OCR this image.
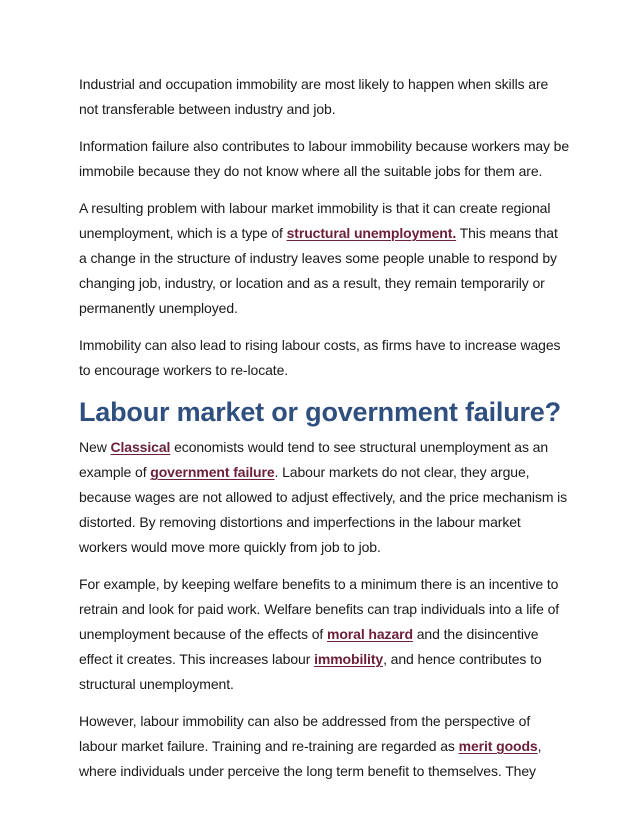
Industrial and occupation immobility are most likely to happen when skills are not transferable between industry and job.

Information failure also contributes to labour immobility because workers may be immobile because they do not know where all the suitable jobs for them are.

A resulting problem with labour market immobility is that it can create regional unemployment, which is a type of structural unemployment. This means that a change in the structure of industry leaves some people unable to respond by changing job, industry, or location and as a result, they remain temporarily or permanently unemployed.

Immobility can also lead to rising labour costs, as firms have to increase wages to encourage workers to re-locate.

Labour market or government failure?

New Classical economists would tend to see structural unemployment as an example of government failure. Labour markets do not clear, they argue, because wages are not allowed to adjust effectively, and the price mechanism is distorted. By removing distortions and imperfections in the labour market workers would move more quickly from job to job.

For example, by keeping welfare benefits to a minimum there is an incentive to retrain and look for paid work. Welfare benefits can trap individuals into a life of unemployment because of the effects of moral hazard and the disincentive effect it creates. This increases labour immobility, and hence contributes to structural unemployment.

However, labour immobility can also be addressed from the perspective of labour market failure. Training and re-training are regarded as merit goods, where individuals under perceive the long term benefit to themselves. They
